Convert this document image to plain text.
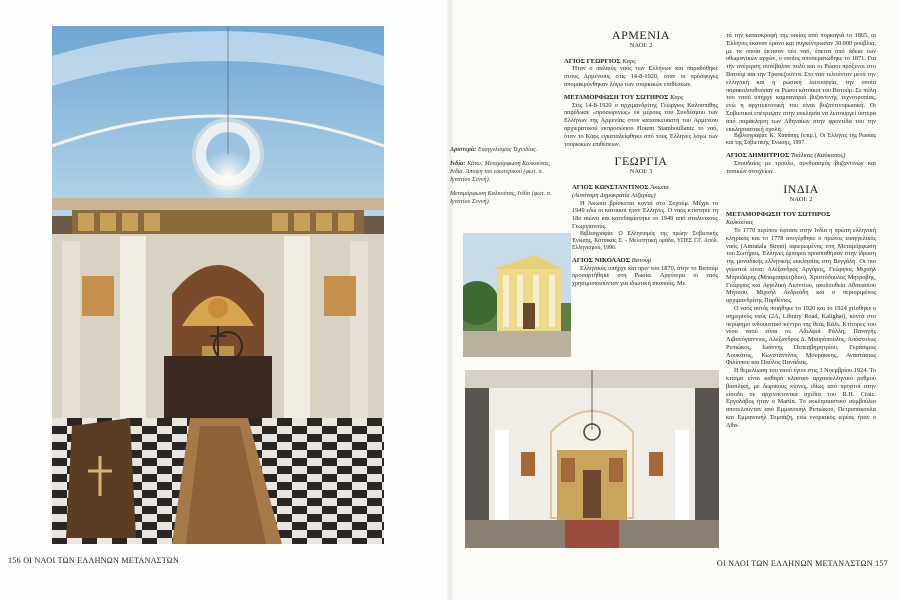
Αριστερά: Ευαγγελισμός Τεχνιδίας.
Ινδία: Κάτω: Μεταμόρφωση Καλκούτας, Ινδία. Άποψη του εσωτερικού (φωτ. π. Ιγνατίου Σεννή).
Μεταμόρφωση Καλκούτας, Ινδία (φωτ. π. Ιγνατίου Σεννή).
156 ΟΙ ΝΑΟΙ ΤΩΝ ΕΛΛΗΝΩΝ ΜΕΤΑΝΑΣΤΩΝ	ΟΙ ΝΑΟΙ ΤΩΝ ΕΛΛΗΝΩΝ ΜΕΤΑΝΑΣΤΩΝ 157
ΑΡΜΕΝΙΑ
ΝΑΟΙ: 2
ΑΓΙΟΣ ΓΕΩΡΓΙΟΣ Καρς

Ήταν ο παλαιός ναός των Ελλήνων και παραδόθηκε στους Αρμένιους στις 14-8-1920, όταν οι πρόσφυγες απομακρύνθηκαν λόγω των τουρκικών επιθέσεων.

ΜΕΤΑΜΟΡΦΩΣΗ ΤΟΥ ΣΩΤΗΡΟΣ Καρς

Στις 14-8-1920 ο αρχιμανδρίτης Γεώργιος Καλοσπίθης παρέδωσε «προσωρινώς» εκ μέρους του Συνδέσμου των Ελλήνων της Αρμενίας στον κατασκευαστή του Αρμενίου αρχιερατικού εκπροσώπου Hotem Stamboullantz το ναό, όταν το Καρς εγκαταλείφθηκε από τους Έλληνες λόγω των τουρκικών επιθέσεων.

ΓΕΩΡΓΙΑ
ΝΑΟΙ: 3
ΑΓΙΟΣ ΚΩΝΣΤΑΝΤΙΝΟΣ Άκωπα

(Αυτόνομη Δημοκρατία Ατζαρίας)

Η Άκωπα βρίσκεται κοντά στο Σοχούμ. Μέχρι το 1949 εδώ οι κάτοικοι ήταν Έλληνες. Ο ναός κτίστηκε τη 18ο αιώνα και κατεδαφίστηκε το 1949 από σταλινικούς Γεωργιανούς.

Βιβλιογραφία: Ο Ελληνισμός της πρώην Σοβιετικής Ένωσης, Κάτσικας Σ. - Μελετητική ομάδα, ΥΠΕΣ Γ.Γ. Απόδ. Ελληνισμού, 1996.

ΑΓΙΟΣ ΝΙΚΟΛΑΟΣ Βατούμ

Ελληνικός υπήρχε και πριν του 1870, στην το Βατούμ προσαρτήθηκε στη Ρωσία. Αργότερα οι ναός χρησιμοποιούνταν για ιδιωτική σκοπούς. Με

τά την κατασκροφή της οικίας από πυρκαγιά το 1865, οι Έλληνες έκαναν έρανο και συγκέντρωσαν 30.000 ρούβλια, με τα οποία έκτισαν νέο ναό, έπειτα από άδεια των οθωμανικών αρχών, ο οποίος αποπερατώθηκε το 1871. Για την ανέγερση συνέβαλαν πολύ και οι Ρώσοι πρόξενοι στο Βατούμ και την Τραπεζούντα. Στο ναό τελούνταν μετά την ελληνική και η ρωσική λειτουργία, την οποία παρακολουθούσαν οι Ρώσοι κάτοικοι του Βατούμ. Σε πόλη του ναού υπήρχε καμπαναριό βυζαντινής τεχνοτροπίας, ενώ η αρχιτεκτονική του είναι βυζαντινορωσική. Οι Σοβιετικοί επέτρεψαν στην εκκλησία να λειτουργεί ύστερα από παράκληση των Αθηναίων στην φροντίδα του την εκκλησιαστική σχολή.

Βιβλιογραφία: Κ. Χασάπης (επιμ.), Οι Έλληνες της Ρωσίας και της Σοβιετικής Ένωσης, 1997.

ΑΓΙΟΣ ΔΗΜΗΤΡΙΟΣ Τσάλκας (Καύκασος)

Σπουδαίος με τρούλο, συνδυασμός βυζαντινών και τοπικών στοιχείων.

ΙΝΔΙΑ
ΝΑΟΙ: 2
ΜΕΤΑΜΟΡΦΩΣΗ ΤΟΥ ΣΩΤΗΡΟΣ

Καλκούτας

Το 1770 περίπου έφτασε στην Ινδία η πρώτη ελληνική κληρικός και το 1778 ανεγέρθηκε ο πρώτος ευαγγελικός ναός (Amratala Street) αφιερωμένος στη Μεταμόρφωση του Σωτήρος. Έλληνες έμποροι προσπαθήσαν στην ίδρυση της μοναδικής ελληνικής εκκλησίας στη Βεγγάλη. Οι πιο γνωστοί είναι: Αλέξανδρος Αργύρος, Γεώργιος Μιχαήλ Μπροδάρης (Μπαμπαρέτζιδου), Χριστόδουλος Μητροβής, Γεώργιος και Αγγελική Λεοντίου, ακολουθεία Αθανασίου Μήτσου, Μιχαήλ Ανδρεάδη και ο περιοριμένος αρχιμανδρίτης Παρθένιος.

Ο ναός αυτός ποιήθηκε το 1920 και το 1924 χτίσθηκε ο σημερινός ναός (2A, Library Road, Kalighat), κοντά στο περίφημο ινδουιστικό κέντρο της θεάς Κάλι. Κτίτορες του νέου ναού είναι οι: Αδελφοί Ράλλη, Παναγής Λιβανόγιαννιος, Αλέξανδρος Δ. Μαυρόπουλος, Απόστολος Ρεπιώκος, Ιωάννης Πεπεαβημητρίου, Γεράσιμος Λουκάτος, Κωνσταντίνος Μουράκκης, Αναστάσιος Φιλίππου και Παύλος Πανάδιας.

Η θεμελίωση του ναού έγινε στις 3 Νοεμβρίου 1924. Το κτίσμα είναι καθαρά κλασικό αρχαιοελληνικό ρυθμού βασιλική, με δωρικούς κίονες, ιδίως από προστοί στην είσοδο σε αρχιτεκτονικά σχέδια του R.H. Craic. Εργολάβος ήταν ο Martin. Το εκκλησιαστικό συμβούλιο αποτελούνταν από Εμμανουήλ Ρεπιώκου, Πετροπάκουλα και Εμμανουήλ Τομπάζη, ενώ ενοριακός ιερέας ήταν ο Αθα-
